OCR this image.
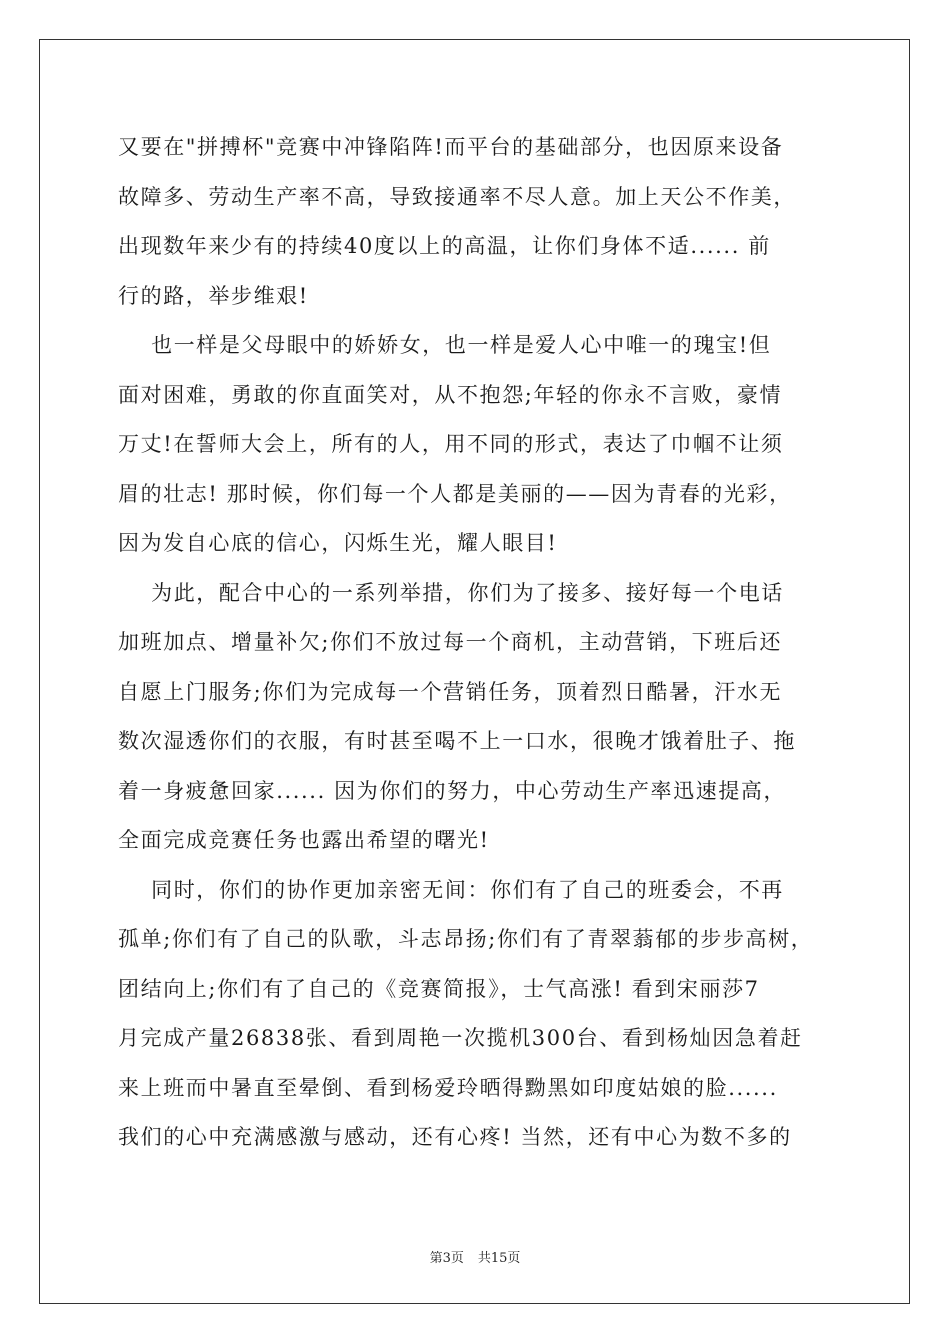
又要在"拼搏杯"竞赛中冲锋陷阵!而平台的基础部分，也因原来设备
故障多、劳动生产率不高，导致接通率不尽人意。加上天公不作美，
出现数年来少有的持续40度以上的高温，让你们身体不适...... 前
行的路，举步维艰!

也一样是父母眼中的娇娇女，也一样是爱人心中唯一的瑰宝!但
面对困难，勇敢的你直面笑对，从不抱怨;年轻的你永不言败，豪情
万丈!在誓师大会上，所有的人，用不同的形式，表达了巾帼不让须
眉的壮志! 那时候，你们每一个人都是美丽的——因为青春的光彩，
因为发自心底的信心，闪烁生光，耀人眼目!

为此，配合中心的一系列举措，你们为了接多、接好每一个电话
加班加点、增量补欠;你们不放过每一个商机，主动营销，下班后还
自愿上门服务;你们为完成每一个营销任务，顶着烈日酷暑，汗水无
数次湿透你们的衣服，有时甚至喝不上一口水，很晚才饿着肚子、拖
着一身疲惫回家...... 因为你们的努力，中心劳动生产率迅速提高，
全面完成竞赛任务也露出希望的曙光!

同时，你们的协作更加亲密无间：你们有了自己的班委会，不再
孤单;你们有了自己的队歌，斗志昂扬;你们有了青翠蓊郁的步步高树，
团结向上;你们有了自己的《竞赛简报》，士气高涨! 看到宋丽莎7
月完成产量26838张、看到周艳一次揽机300台、看到杨灿因急着赶
来上班而中暑直至晕倒、看到杨爱玲晒得黝黑如印度姑娘的脸......
我们的心中充满感激与感动，还有心疼! 当然，还有中心为数不多的

第3页 共15页
